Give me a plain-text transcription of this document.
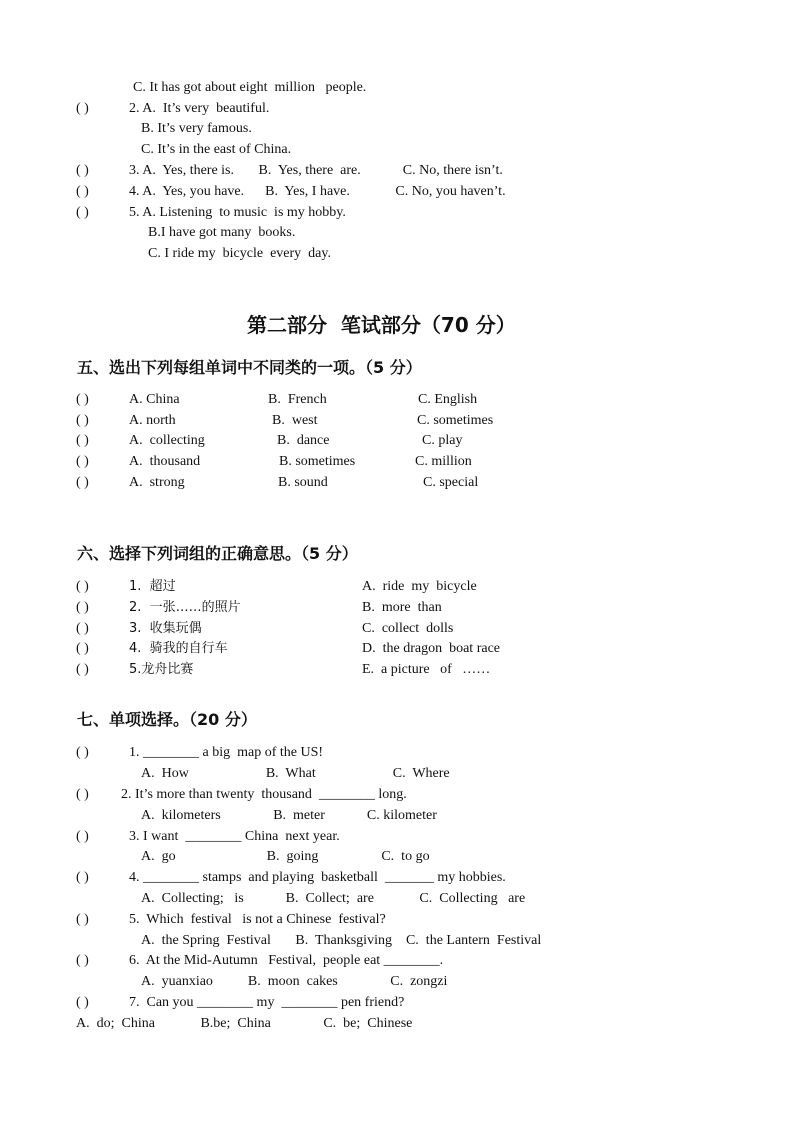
C. It has got about eight  million   people.
( )	2. A.  It’s very  beautiful.
B. It’s very famous.
C. It’s in the east of China.
( )	3. A.  Yes, there is.       B.  Yes, there  are.            C. No, there isn’t.
( )	4. A.  Yes, you have.      B.  Yes, I have.             C. No, you haven’t.
( )	5. A. Listening  to music  is my hobby.
B.I have got many  books.
C. I ride my  bicycle  every  day.
第二部分  笔试部分（70 分）
五、选出下列每组单词中不同类的一项。（5 分）
( )	A. China	B.  French	C. English
( )	A. north	B.  west	C. sometimes
( )	A.  collecting	B.  dance	C. play
( )	A.  thousand	B. sometimes	C. million
( )	A.  strong	B. sound	C. special
六、选择下列词组的正确意思。（5 分）
( )	1.  超过	A.  ride  my  bicycle
( )	2.  一张……的照片	B.  more  than
( )	3.  收集玩偶	C.  collect  dolls
( )	4.  骑我的自行车	D.  the dragon  boat race
( )	5.龙舟比赛	E.  a picture   of   ……
七、单项选择。（20 分）
( )	1. ________ a big  map of the US!
A.  How                      B.  What                      C.  Where
( ) 2. It’s more than twenty  thousand  ________ long.
A.  kilometers               B.  meter            C. kilometer
( )	3. I want  ________ China  next year.
A.  go                          B.  going                  C.  to go
( )	4. ________ stamps  and playing  basketball  _______ my hobbies.
A.  Collecting;   is            B.  Collect;  are             C.  Collecting   are
( )	5.  Which  festival   is not a Chinese  festival?
A.  the Spring  Festival       B.  Thanksgiving    C.  the Lantern  Festival
( )	6.  At the Mid-Autumn   Festival,  people eat ________.
A.  yuanxiao          B.  moon  cakes               C.  zongzi
( )	7.  Can you ________ my  ________ pen friend?
A.  do;  China             B.be;  China               C.  be;  Chinese
